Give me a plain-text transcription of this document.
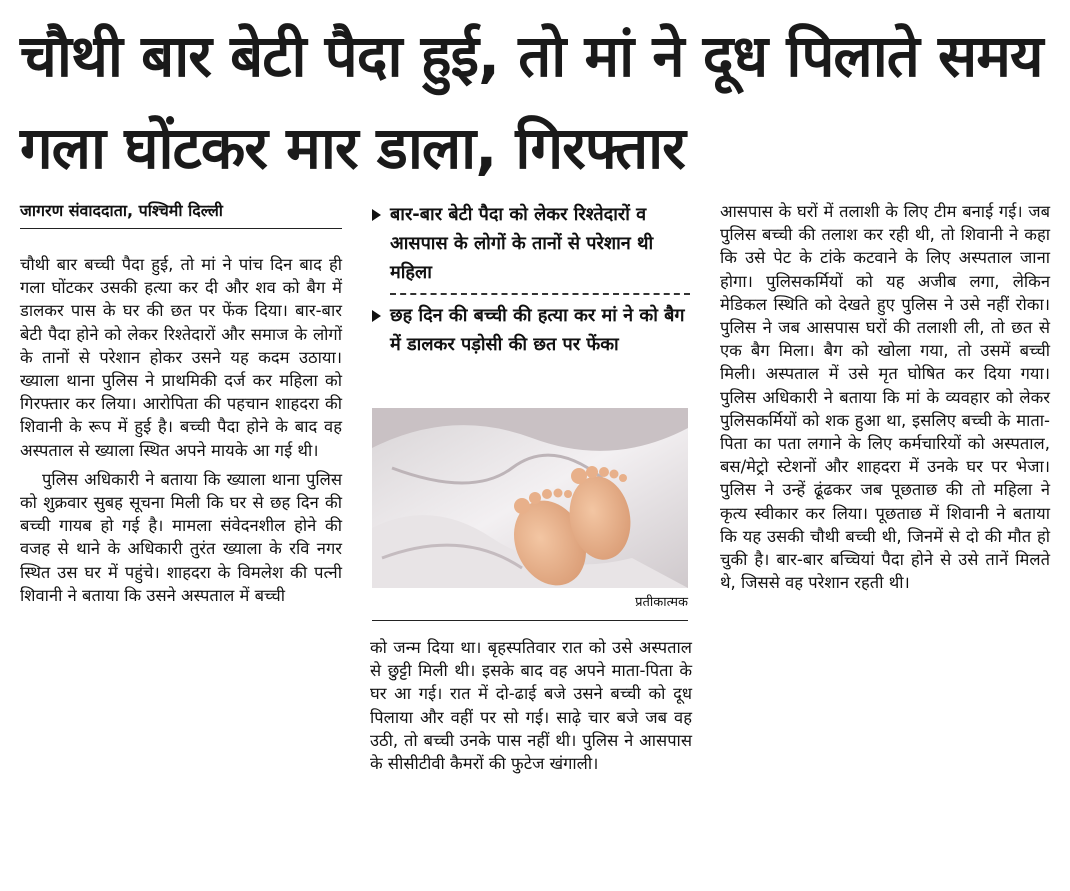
चौथी बार बेटी पैदा हुई, तो मां ने दूध पिलाते समय गला घोंटकर मार डाला, गिरफ्तार
जागरण संवाददाता, पश्चिमी दिल्ली

चौथी बार बच्ची पैदा हुई, तो मां ने पांच दिन बाद ही गला घोंटकर उसकी हत्या कर दी और शव को बैग में डालकर पास के घर की छत पर फेंक दिया। बार-बार बेटी पैदा होने को लेकर रिश्तेदारों और समाज के लोगों के तानों से परेशान होकर उसने यह कदम उठाया। ख्याला थाना पुलिस ने प्राथमिकी दर्ज कर महिला को गिरफ्तार कर लिया। आरोपिता की पहचान शाहदरा की शिवानी के रूप में हुई है। बच्ची पैदा होने के बाद वह अस्पताल से ख्याला स्थित अपने मायके आ गई थी।

पुलिस अधिकारी ने बताया कि ख्याला थाना पुलिस को शुक्रवार सुबह सूचना मिली कि घर से छह दिन की बच्ची गायब हो गई है। मामला संवेदनशील होने की वजह से थाने के अधिकारी तुरंत ख्याला के रवि नगर स्थित उस घर में पहुंचे। शाहदरा के विमलेश की पत्नी शिवानी ने बताया कि उसने अस्पताल में बच्ची

बार-बार बेटी पैदा को लेकर रिश्तेदारों व आसपास के लोगों के तानों से परेशान थी महिला
छह दिन की बच्ची की हत्या कर मां ने को बैग में डालकर पड़ोसी की छत पर फेंका
प्रतीकात्मक

को जन्म दिया था। बृहस्पतिवार रात को उसे अस्पताल से छुट्टी मिली थी। इसके बाद वह अपने माता-पिता के घर आ गई। रात में दो-ढाई बजे उसने बच्ची को दूध पिलाया और वहीं पर सो गई। साढ़े चार बजे जब वह उठी, तो बच्ची उनके पास नहीं थी। पुलिस ने आसपास के सीसीटीवी कैमरों की फुटेज खंगाली।

आसपास के घरों में तलाशी के लिए टीम बनाई गई। जब पुलिस बच्ची की तलाश कर रही थी, तो शिवानी ने कहा कि उसे पेट के टांके कटवाने के लिए अस्पताल जाना होगा। पुलिसकर्मियों को यह अजीब लगा, लेकिन मेडिकल स्थिति को देखते हुए पुलिस ने उसे नहीं रोका। पुलिस ने जब आसपास घरों की तलाशी ली, तो छत से एक बैग मिला। बैग को खोला गया, तो उसमें बच्ची मिली। अस्पताल में उसे मृत घोषित कर दिया गया। पुलिस अधिकारी ने बताया कि मां के व्यवहार को लेकर पुलिसकर्मियों को शक हुआ था, इसलिए बच्ची के माता-पिता का पता लगाने के लिए कर्मचारियों को अस्पताल, बस/मेट्रो स्टेशनों और शाहदरा में उनके घर पर भेजा। पुलिस ने उन्हें ढूंढकर जब पूछताछ की तो महिला ने कृत्य स्वीकार कर लिया। पूछताछ में शिवानी ने बताया कि यह उसकी चौथी बच्ची थी, जिनमें से दो की मौत हो चुकी है। बार-बार बच्चियां पैदा होने से उसे तानें मिलते थे, जिससे वह परेशान रहती थी।
